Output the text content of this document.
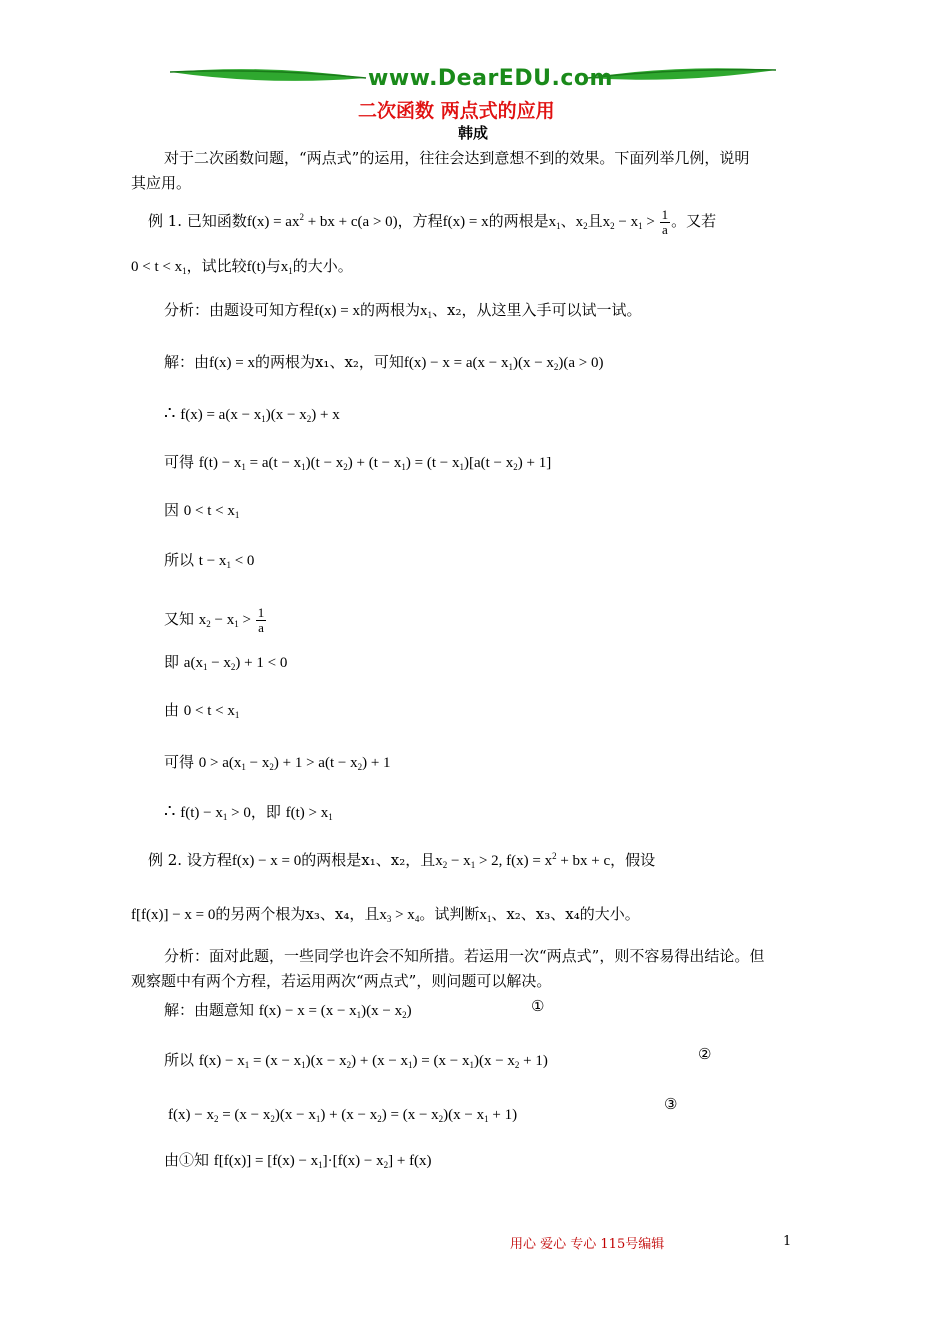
www.DearEDU.com
二次函数 两点式的应用
韩成
对于二次函数问题，“两点式”的运用，往往会达到意想不到的效果。下面列举几例，说明
其应用。
例 1. 已知函数$f(x) = ax^2$ + bx + c(a > 0)，方程f(x) = x的两根是$x_1$、$x_2$且$x_2 - x_1 > \frac{1}{a}$ 。又若
$0 < t < x_1$，试比较f(t)与$x_1$的大小。
分析：由题设可知方程f(x) = x的两根为$x_1$、x₂，从这里入手可以试一试。
解：由f(x) = x的两根为x₁、x₂，可知$f(x) - x = a(x - x_1)(x - x_2)(a > 0)$
∴ $f(x) = a(x - x_1)(x - x_2) + x$
可得 $f(t) - x_1 = a(t - x_1)(t - x_2) + (t - x_1) = (t - x_1)[a(t - x_2) + 1]$
因 $0 < t < x_1$
所以 $t - x_1 < 0$
又知 $x_2 - x_1 > \frac{1}{a}$
即 $a(x_1 - x_2) + 1 < 0$
由 $0 < t < x_1$
可得 $0 > a(x_1 - x_2) + 1 > a(t - x_2) + 1$
∴ $f(t) - x_1 > 0$，即 $f(t) > x_1$
例 2. 设方程f(x) − x = 0的两根是x₁、x₂，且$x_2 - x_1 > 2$, $f(x) = x^2$ + bx + c，假设
f[f(x)] − x = 0的另两个根为x₃、x₄，且$x_3 > x_4$。试判断$x_1$、x₂、x₃、x₄的大小。
分析：面对此题，一些同学也许会不知所措。若运用一次“两点式”，则不容易得出结论。但
观察题中有两个方程，若运用两次“两点式”，则问题可以解决。
解：由题意知 $f(x) - x = (x - x_1)(x - x_2)$	①
所以 $f(x) - x_1 = (x - x_1)(x - x_2) + (x - x_1) = (x - x_1)(x - x_2 + 1)$	②
$f(x) - x_2 = (x - x_2)(x - x_1) + (x - x_2) = (x - x_2)(x - x_1 + 1)$
③
由①知 $f[f(x)] = [f(x) - x_1]\cdot[f(x) - x_2] + f(x)$
用心 爱心 专心 115号编辑	1
